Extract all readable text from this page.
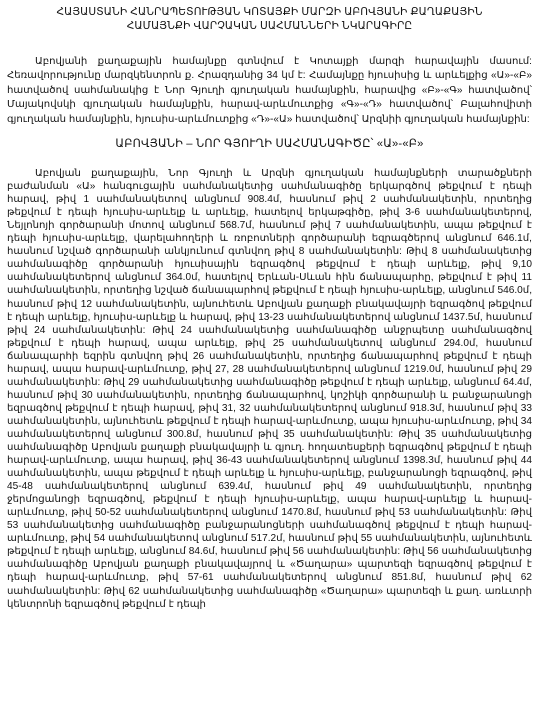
ՀԱՅԱՍՏԱՆԻ ՀԱՆՐԱՊԵՏՈՒԹՅԱՆ ԿՈՏԱՅՔԻ ՄԱՐԶԻ ԱԲՈՎՅԱՆԻ ՔԱՂԱՔԱՅԻՆ
ՀԱՄԱՅՆՔԻ ՎԱՐՉԱԿԱՆ ՍԱՀՄԱՆՆԵՐԻ ՆԿԱՐԱԳԻՐԸ

Աբովյանի քաղաքային համայնքը գտնվում է Կոտայքի մարզի հարավային մասում: Հեռավորությունը մարզկենտրոն ք. Հրազդանից 34 կմ է: Համայնքը հյուսիսից և արևելքից «Ա»-«Բ» հատվածով սահմանակից է Նոր Գյուղի գյուղական համայնքին, հարավից «Բ»-«Գ» հատվածով՝ Մայակովսկի գյուղական համայնքին, հարավ-արևմուտքից «Գ»-«Դ» հատվածով՝ Բալահովիտի գյուղական համայնքին, հյուսիս-արևմուտքից «Դ»-«Ա» հատվածով՝ Արզնիի գյուղական համայնքին:

ԱԲՈՎՅԱՆԻ – ՆՈՐ ԳՅՈՒՂԻ ՍԱՀՄԱՆԱԳԻԾԸ՝ «Ա»-«Բ»

Աբովյան քաղաքային, Նոր Գյուղի և Արզնի գյուղական համայնքների տարածքների բաժանման «Ա» հանգուցային սահմանակետից սահմանագիծը երկարգծով թեքվում է դեպի հարավ, թիվ 1 սահմանակետով անցնում 908.4մ, հասնում թիվ 2 սահմանակետին, որտեղից թեքվում է դեպի հյուսիս-արևելք և արևելք, հատելով երկաթգիծը, թիվ 3-6 սահմանակետերով, Նեյլոնոյի գործարանի մոտով անցնում 568.7մ, հասնում թիվ 7 սահմանակետին, ապա թեքվում է դեպի հյուսիս-արևելք, վարելահողերի և ռոբոտների գործարանի եզրագծերով անցնում 646.1մ, հասնում նշված գործարանի անկյունում գտնվող թիվ 8 սահմանակետին: Թիվ 8 սահմանակետից սահմանագիծը գործարանի հյուսիսային եզրագծով թեքվում է դեպի արևելք, թիվ 9,10 սահմանակետերով անցնում 364.0մ, հատելով Երևան-Սևան հին ճանապարհը, թեքվում է թիվ 11 սահմանակետին, որտեղից նշված ճանապարհով թեքվում է դեպի հյուսիս-արևելք, անցնում 546.0մ, հասնում թիվ 12 սահմանակետին, այնուհետև Աբովյան քաղաքի բնակավայրի եզրագծով թեքվում է դեպի արևելք, հյուսիս-արևելք և հարավ, թիվ 13-23 սահմանակետերով անցնում 1437.5մ, հասնում թիվ 24 սահմանակետին: Թիվ 24 սահմանակետից սահմանագիծը անջրպետը սահմանագծով թեքվում է դեպի հարավ, ապա արևելք, թիվ 25 սահմանակետով անցնում 294.0մ, հասնում ճանապարհի եզրին գտնվող թիվ 26 սահմանակետին, որտեղից ճանապարհով թեքվում է դեպի հարավ, ապա հարավ-արևմուտք, թիվ 27, 28 սահմանակետերով անցնում 1219.0մ, հասնում թիվ 29 սահմանակետին: Թիվ 29 սահմանակետից սահմանագիծը թեքվում է դեպի արևելք, անցնում 64.4մ, հասնում թիվ 30 սահմանակետին, որտեղից ճանապարհով, կոշիկի գործարանի և բանջարանոցի եզրագծով թեքվում է դեպի հարավ, թիվ 31, 32 սահմանակետերով անցնում 918.3մ, հասնում թիվ 33 սահմանակետին, այնուհետև թեքվում է դեպի հարավ-արևմուտք, ապա հյուսիս-արևմուտք, թիվ 34 սահմանակետերով անցնում 300.8մ, հասնում թիվ 35 սահմանակետին: Թիվ 35 սահմանակետից սահմանագիծը Աբովյան քաղաքի բնակավայրի և գյուղ. հողատեսքերի եզրագծով թեքվում է դեպի հարավ-արևմուտք, ապա հարավ, թիվ 36-43 սահմանակետերով անցնում 1398.3մ, հասնում թիվ 44 սահմանակետին, ապա թեքվում է դեպի արևելք և հյուսիս-արևելք, բանջարանոցի եզրագծով, թիվ 45-48 սահմանակետերով անցնում 639.4մ, հասնում թիվ 49 սահմանակետին, որտեղից ջերմոցանոցի եզրագծով, թեքվում է դեպի հյուսիս-արևելք, ապա հարավ-արևելք և հարավ-արևմուտք, թիվ 50-52 սահմանակետերով անցնում 1470.8մ, հասնում թիվ 53 սահմանակետին: Թիվ 53 սահմանակետից սահմանագիծը բանջարանոցների սահմանագծով թեքվում է դեպի հարավ-արևմուտք, թիվ 54 սահմանակետով անցնում 517.2մ, հասնում թիվ 55 սահմանակետին, այնուհետև թեքվում է դեպի արևելք, անցնում 84.6մ, հասնում թիվ 56 սահմանակետին: Թիվ 56 սահմանակետից սահմանագիծը Աբովյան քաղաքի բնակավայրով և «Ծաղարա» պարտեզի եզրագծով թեքվում է դեպի հարավ-արևմուտք, թիվ 57-61 սահմանակետերով անցնում 851.8մ, հասնում թիվ 62 սահմանակետին: Թիվ 62 սահմանակետից սահմանագիծը «Ծաղարա» պարտեզի և քաղ. առևտրի կենտրոնի եզրագծով թեքվում է դեպի
